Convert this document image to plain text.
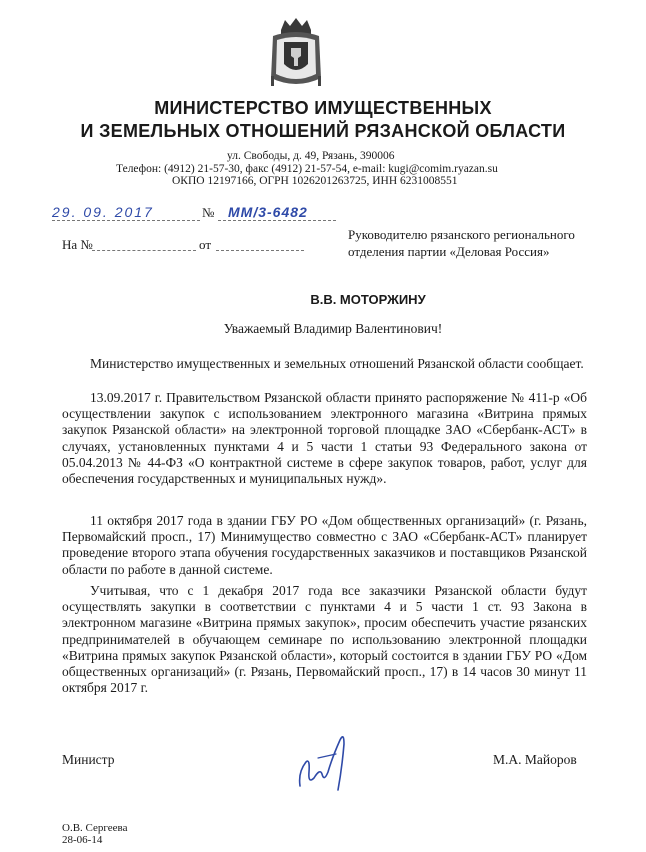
МИНИСТЕРСТВО ИМУЩЕСТВЕННЫХ
И ЗЕМЕЛЬНЫХ ОТНОШЕНИЙ РЯЗАНСКОЙ ОБЛАСТИ
ул. Свободы, д. 49, Рязань, 390006
Телефон: (4912) 21-57-30, факс (4912) 21-57-54, e-mail: kugi@comim.ryazan.su
ОКПО 12197166, ОГРН 1026201263725, ИНН 6231008551
29. 09. 2017	№ ММ/3-6482
На №	от
Руководителю рязанского регионального
отделения партии «Деловая Россия»
В.В. МОТОРЖИНУ
Уважаемый Владимир Валентинович!

Министерство имущественных и земельных отношений Рязанской области сообщает.

13.09.2017 г. Правительством Рязанской области принято распоряжение № 411-р «Об осуществлении закупок с использованием электронного магазина «Витрина прямых закупок Рязанской области» на электронной торговой площадке ЗАО «Сбербанк-АСТ» в случаях, установленных пунктами 4 и 5 части 1 статьи 93 Федерального закона от 05.04.2013 № 44-ФЗ «О контрактной системе в сфере закупок товаров, работ, услуг для обеспечения государственных и муниципальных нужд».

11 октября 2017 года в здании ГБУ РО «Дом общественных организаций» (г. Рязань, Первомайский просп., 17) Минимущество совместно с ЗАО «Сбербанк-АСТ» планирует проведение второго этапа обучения государственных заказчиков и поставщиков Рязанской области по работе в данной системе.

Учитывая, что с 1 декабря 2017 года все заказчики Рязанской области будут осуществлять закупки в соответствии с пунктами 4 и 5 части 1 ст. 93 Закона в электронном магазине «Витрина прямых закупок», просим обеспечить участие рязанских предпринимателей в обучающем семинаре по использованию электронной площадки «Витрина прямых закупок Рязанской области», который состоится в здании ГБУ РО «Дом общественных организаций» (г. Рязань, Первомайский просп., 17) в 14 часов 30 минут 11 октября 2017 г.

Министр	М.А. Майоров
О.В. Сергеева
28-06-14
